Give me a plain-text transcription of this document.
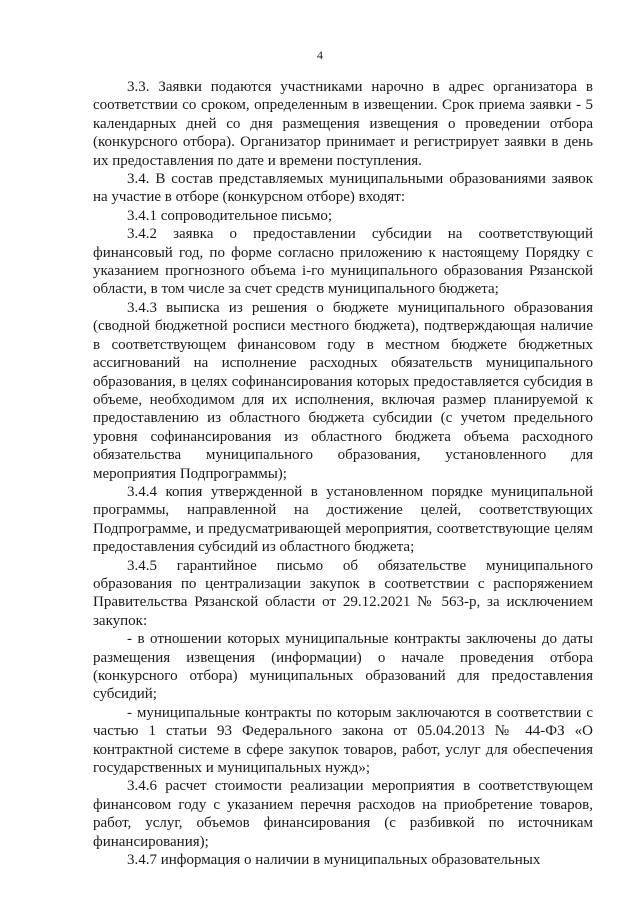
4

3.3. Заявки подаются участниками нарочно в адрес организатора в соответствии со сроком, определенным в извещении. Срок приема заявки - 5 календарных дней со дня размещения извещения о проведении отбора (конкурсного отбора). Организатор принимает и регистрирует заявки в день их предоставления по дате и времени поступления.

3.4. В состав представляемых муниципальными образованиями заявок на участие в отборе (конкурсном отборе) входят:

3.4.1 сопроводительное письмо;

3.4.2 заявка о предоставлении субсидии на соответствующий финансовый год, по форме согласно приложению к настоящему Порядку с указанием прогнозного объема i-го муниципального образования Рязанской области, в том числе за счет средств муниципального бюджета;

3.4.3 выписка из решения о бюджете муниципального образования (сводной бюджетной росписи местного бюджета), подтверждающая наличие в соответствующем финансовом году в местном бюджете бюджетных ассигнований на исполнение расходных обязательств муниципального образования, в целях софинансирования которых предоставляется субсидия в объеме, необходимом для их исполнения, включая размер планируемой к предоставлению из областного бюджета субсидии (с учетом предельного уровня софинансирования из областного бюджета объема расходного обязательства муниципального образования, установленного для мероприятия Подпрограммы);

3.4.4 копия утвержденной в установленном порядке муниципальной программы, направленной на достижение целей, соответствующих Подпрограмме, и предусматривающей мероприятия, соответствующие целям предоставления субсидий из областного бюджета;

3.4.5 гарантийное письмо об обязательстве муниципального образования по централизации закупок в соответствии с распоряжением Правительства Рязанской области от 29.12.2021 № 563-р, за исключением закупок:

- в отношении которых муниципальные контракты заключены до даты размещения извещения (информации) о начале проведения отбора (конкурсного отбора) муниципальных образований для предоставления субсидий;

- муниципальные контракты по которым заключаются в соответствии с частью 1 статьи 93 Федерального закона от 05.04.2013 № 44-ФЗ «О контрактной системе в сфере закупок товаров, работ, услуг для обеспечения государственных и муниципальных нужд»;

3.4.6 расчет стоимости реализации мероприятия в соответствующем финансовом году с указанием перечня расходов на приобретение товаров, работ, услуг, объемов финансирования (с разбивкой по источникам финансирования);

3.4.7 информация о наличии в муниципальных образовательных
